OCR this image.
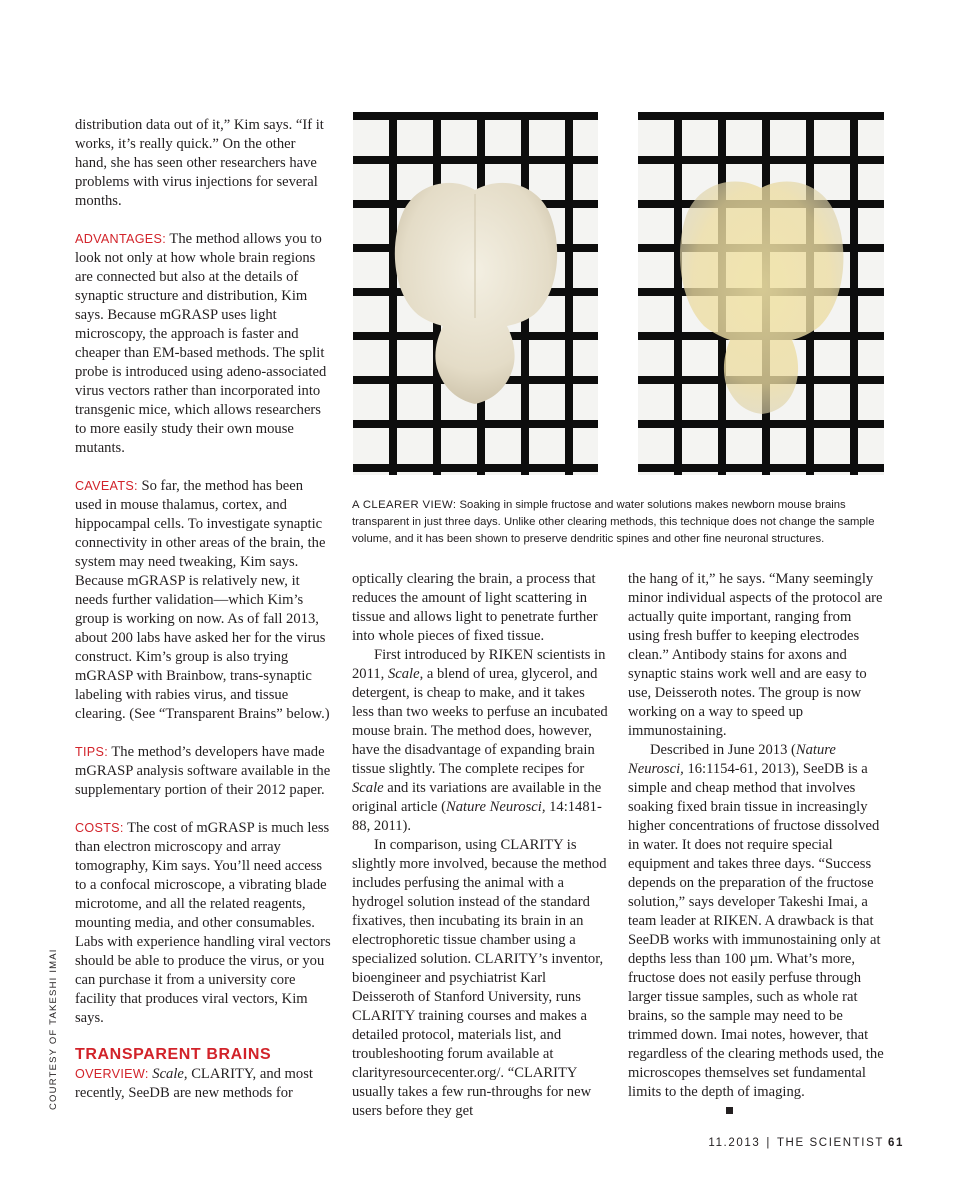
distribution data out of it,” Kim says. “If it works, it’s really quick.” On the other hand, she has seen other researchers have problems with virus injections for several months.

ADVANTAGES: The method allows you to look not only at how whole brain regions are connected but also at the details of synaptic structure and distribution, Kim says. Because mGRASP uses light microscopy, the approach is faster and cheaper than EM-based methods. The split probe is introduced using adeno-associated virus vectors rather than incorporated into transgenic mice, which allows researchers to more easily study their own mouse mutants.

CAVEATS: So far, the method has been used in mouse thalamus, cortex, and hippocampal cells. To investigate synaptic connectivity in other areas of the brain, the system may need tweaking, Kim says. Because mGRASP is relatively new, it needs further validation—which Kim’s group is working on now. As of fall 2013, about 200 labs have asked her for the virus construct. Kim’s group is also trying mGRASP with Brainbow, trans-synaptic labeling with rabies virus, and tissue clearing. (See “Transparent Brains” below.)

TIPS: The method’s developers have made mGRASP analysis software available in the supplementary portion of their 2012 paper.

COSTS: The cost of mGRASP is much less than electron microscopy and array tomography, Kim says. You’ll need access to a confocal microscope, a vibrating blade microtome, and all the related reagents, mounting media, and other consumables. Labs with experience handling viral vectors should be able to produce the virus, or you can purchase it from a university core facility that produces viral vectors, Kim says.

TRANSPARENT BRAINS

OVERVIEW: Scale, CLARITY, and most recently, SeeDB are new methods for

A CLEARER VIEW: Soaking in simple fructose and water solutions makes newborn mouse brains transparent in just three days. Unlike other clearing methods, this technique does not change the sample volume, and it has been shown to preserve dendritic spines and other fine neuronal structures.

optically clearing the brain, a process that reduces the amount of light scattering in tissue and allows light to penetrate further into whole pieces of fixed tissue.

First introduced by RIKEN scientists in 2011, Scale, a blend of urea, glycerol, and detergent, is cheap to make, and it takes less than two weeks to perfuse an incubated mouse brain. The method does, however, have the disadvantage of expanding brain tissue slightly. The complete recipes for Scale and its variations are available in the original article (Nature Neurosci, 14:1481-88, 2011).

In comparison, using CLARITY is slightly more involved, because the method includes perfusing the animal with a hydrogel solution instead of the standard fixatives, then incubating its brain in an electrophoretic tissue chamber using a specialized solution. CLARITY’s inventor, bioengineer and psychiatrist Karl Deisseroth of Stanford University, runs CLARITY training courses and makes a detailed protocol, materials list, and troubleshooting forum available at clarityresourcecenter.org/. “CLARITY usually takes a few run-throughs for new users before they get

the hang of it,” he says. “Many seemingly minor individual aspects of the protocol are actually quite important, ranging from using fresh buffer to keeping electrodes clean.” Antibody stains for axons and synaptic stains work well and are easy to use, Deisseroth notes. The group is now working on a way to speed up immunostaining.

Described in June 2013 (Nature Neurosci, 16:1154-61, 2013), SeeDB is a simple and cheap method that involves soaking fixed brain tissue in increasingly higher concentrations of fructose dissolved in water. It does not require special equipment and takes three days. “Success depends on the preparation of the fructose solution,” says developer Takeshi Imai, a team leader at RIKEN. A drawback is that SeeDB works with immunostaining only at depths less than 100 µm. What’s more, fructose does not easily perfuse through larger tissue samples, such as whole rat brains, so the sample may need to be trimmed down. Imai notes, however, that regardless of the clearing methods used, the microscopes themselves set fundamental limits to the depth of imaging.

COURTESY OF TAKESHI IMAI
11.2013 | THE SCIENTIST 61
